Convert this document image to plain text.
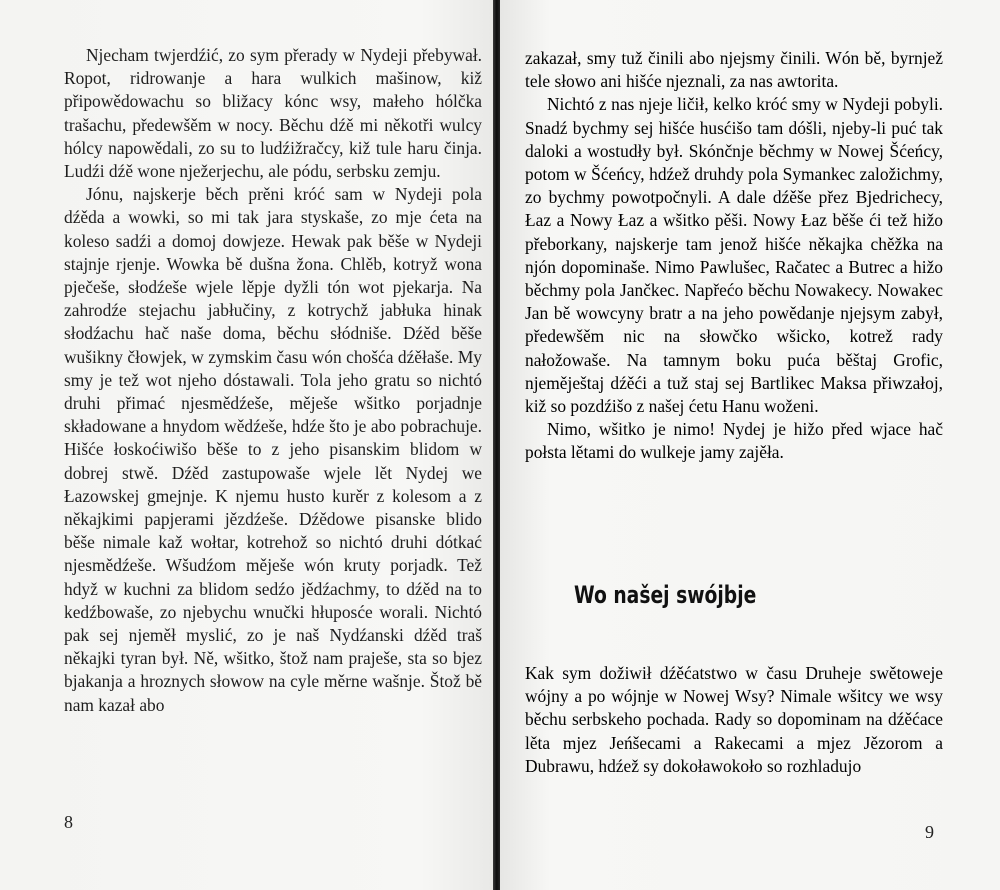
Njecham twjerdźić, zo sym přerady w Nydeji přebywał. Ropot, ridrowanje a hara wulkich mašinow, kiž připowědowachu so bližacy kónc wsy, małeho hólčka trašachu, předewšěm w nocy. Běchu dźě mi někotři wulcy hólcy napowědali, zo su to ludźižračcy, kiž tule haru činja. Ludźi dźě wone nježerjechu, ale pódu, serbsku zemju.

Jónu, najskerje běch prěni króć sam w Nydeji pola dźěda a wowki, so mi tak jara styskaše, zo mje ćeta na koleso sadźi a domoj dowjeze. Hewak pak běše w Nydeji stajnje rjenje. Wowka bě dušna žona. Chlěb, kotryž wona pječeše, słodźeše wjele lěpje dyžli tón wot pjekarja. Na zahrodźe stejachu jabłučiny, z kotrychž jabłuka hinak słodźachu hač naše doma, běchu słódniše. Dźěd běše wušikny čłowjek, w zymskim času wón chošća dźěłaše. My smy je tež wot njeho dóstawali. Tola jeho gratu so nichtó druhi přimać njesmědźeše, měješe wšitko porjadnje składowane a hnydom wědźeše, hdźe što je abo pobrachuje. Hišće łoskoćiwišo běše to z jeho pisanskim blidom w dobrej stwě. Dźěd zastupowaše wjele lět Nydej we Łazowskej gmejnje. K njemu husto kurěr z kolesom a z někajkimi papjerami jězdźeše. Dźědowe pisanske blido běše nimale kaž wołtar, kotrehož so nichtó druhi dótkać njesmědźeše. Wšudźom měješe wón kruty porjadk. Tež hdyž w kuchni za blidom sedźo jědźachmy, to dźěd na to kedźbowaše, zo njebychu wnučki hłuposće worali. Nichtó pak sej njeměł myslić, zo je naš Nydźanski dźěd traš někajki tyran był. Ně, wšitko, štož nam praješe, sta so bjez bjakanja a hroznych słowow na cyle měrne wašnje. Štož bě nam kazał abo

8

zakazał, smy tuž činili abo njejsmy činili. Wón bě, byrnjež tele słowo ani hišće njeznali, za nas awtorita.

Nichtó z nas njeje ličił, kelko króć smy w Nydeji pobyli. Snadź bychmy sej hišće husćišo tam dóšli, njeby-li puć tak daloki a wostudły był. Skónčnje běchmy w Nowej Šćeńcy, potom w Šćeńcy, hdźež druhdy pola Symankec založichmy, zo bychmy powotpočnyli. A dale dźěše přez Bjedrichecy, Łaz a Nowy Łaz a wšitko pěši. Nowy Łaz běše ći tež hižo přeborkany, najskerje tam jenož hišće někajka chěžka na njón dopominaše. Nimo Pawlušec, Račatec a Butrec a hižo běchmy pola Jančkec. Napřećo běchu Nowakecy. Nowakec Jan bě wowcyny bratr a na jeho powědanje njejsym zabył, předewšěm nic na słowčko wšicko, kotrež rady nałožowaše. Na tamnym boku puća běštaj Grofic, njeměještaj dźěći a tuž staj sej Bartlikec Maksa přiwzałoj, kiž so pozdźišo z našej ćetu Hanu woženi.

Nimo, wšitko je nimo! Nydej je hižo před wjace hač połsta lětami do wulkeje jamy zajěła.

Wo našej swójbje

Kak sym dožiwił dźěćatstwo w času Druheje swětoweje wójny a po wójnje w Nowej Wsy? Nimale wšitcy we wsy běchu serbskeho pochada. Rady so dopominam na dźěćace lěta mjez Jeńšecami a Rakecami a mjez Jězorom a Dubrawu, hdźež sy dokoławokoło so rozhladujo

9
